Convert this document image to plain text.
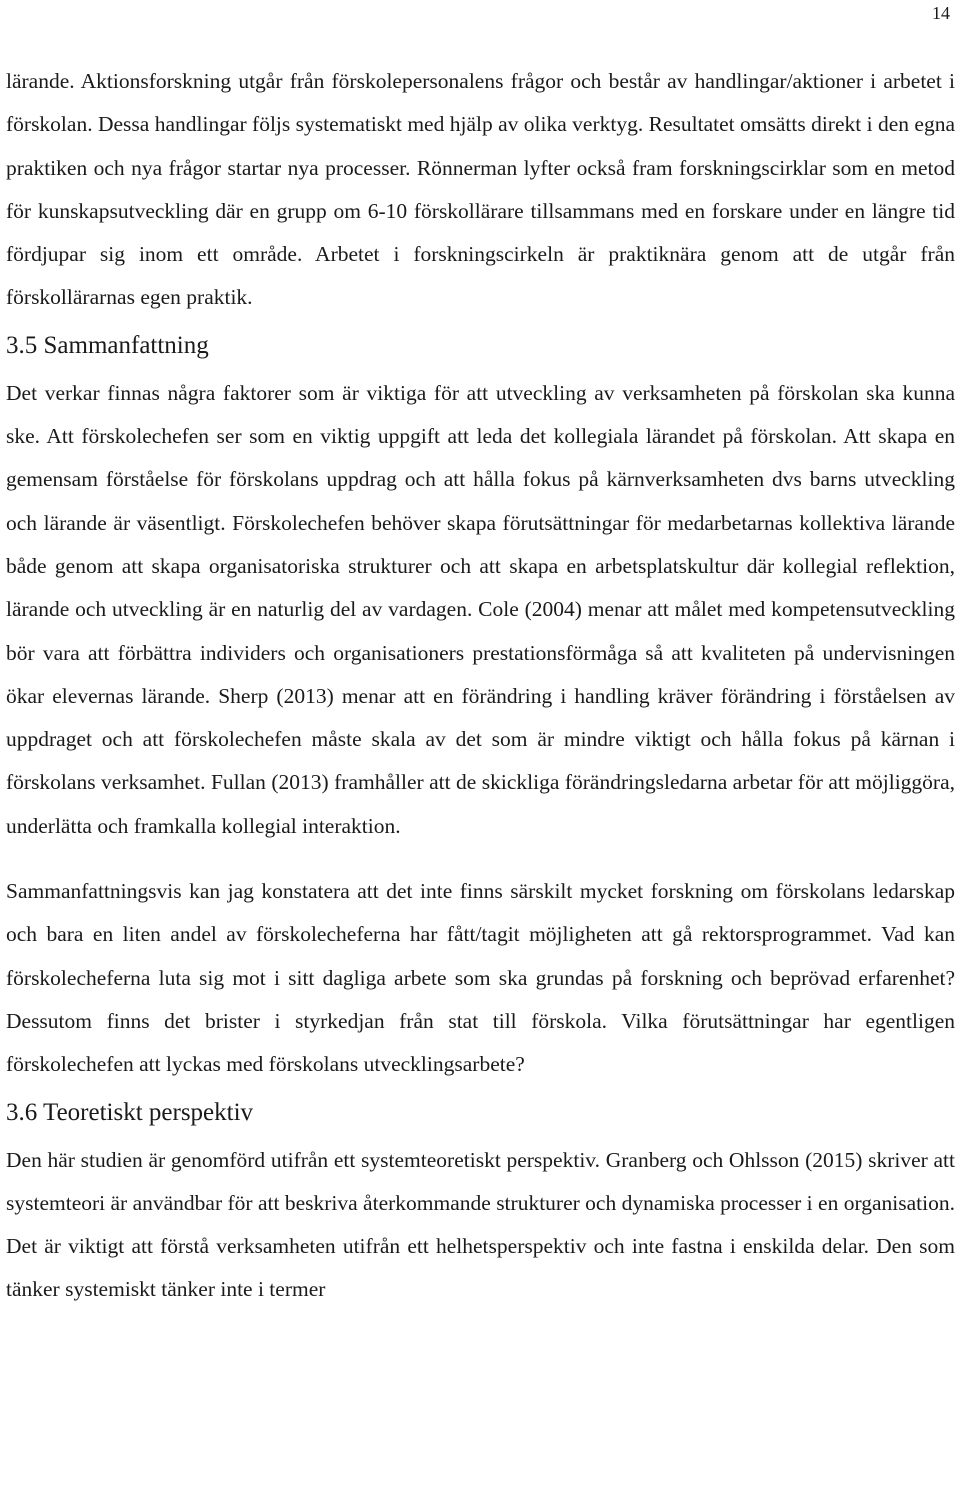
14

lärande. Aktionsforskning utgår från förskolepersonalens frågor och består av handlingar/aktioner i arbetet i förskolan. Dessa handlingar följs systematiskt med hjälp av olika verktyg. Resultatet omsätts direkt i den egna praktiken och nya frågor startar nya processer. Rönnerman lyfter också fram forskningscirklar som en metod för kunskapsutveckling där en grupp om 6-10 förskollärare tillsammans med en forskare under en längre tid fördjupar sig inom ett område. Arbetet i forskningscirkeln är praktiknära genom att de utgår från förskollärarnas egen praktik.

3.5 Sammanfattning

Det verkar finnas några faktorer som är viktiga för att utveckling av verksamheten på förskolan ska kunna ske. Att förskolechefen ser som en viktig uppgift att leda det kollegiala lärandet på förskolan. Att skapa en gemensam förståelse för förskolans uppdrag och att hålla fokus på kärnverksamheten dvs barns utveckling och lärande är väsentligt. Förskolechefen behöver skapa förutsättningar för medarbetarnas kollektiva lärande både genom att skapa organisatoriska strukturer och att skapa en arbetsplatskultur där kollegial reflektion, lärande och utveckling är en naturlig del av vardagen. Cole (2004) menar att målet med kompetensutveckling bör vara att förbättra individers och organisationers prestationsförmåga så att kvaliteten på undervisningen ökar elevernas lärande. Sherp (2013) menar att en förändring i handling kräver förändring i förståelsen av uppdraget och att förskolechefen måste skala av det som är mindre viktigt och hålla fokus på kärnan i förskolans verksamhet. Fullan (2013) framhåller att de skickliga förändringsledarna arbetar för att möjliggöra, underlätta och framkalla kollegial interaktion.

Sammanfattningsvis kan jag konstatera att det inte finns särskilt mycket forskning om förskolans ledarskap och bara en liten andel av förskolecheferna har fått/tagit möjligheten att gå rektorsprogrammet. Vad kan förskolecheferna luta sig mot i sitt dagliga arbete som ska grundas på forskning och beprövad erfarenhet? Dessutom finns det brister i styrkedjan från stat till förskola. Vilka förutsättningar har egentligen förskolechefen att lyckas med förskolans utvecklingsarbete?

3.6 Teoretiskt perspektiv

Den här studien är genomförd utifrån ett systemteoretiskt perspektiv. Granberg och Ohlsson (2015) skriver att systemteori är användbar för att beskriva återkommande strukturer och dynamiska processer i en organisation. Det är viktigt att förstå verksamheten utifrån ett helhetsperspektiv och inte fastna i enskilda delar. Den som tänker systemiskt tänker inte i termer
